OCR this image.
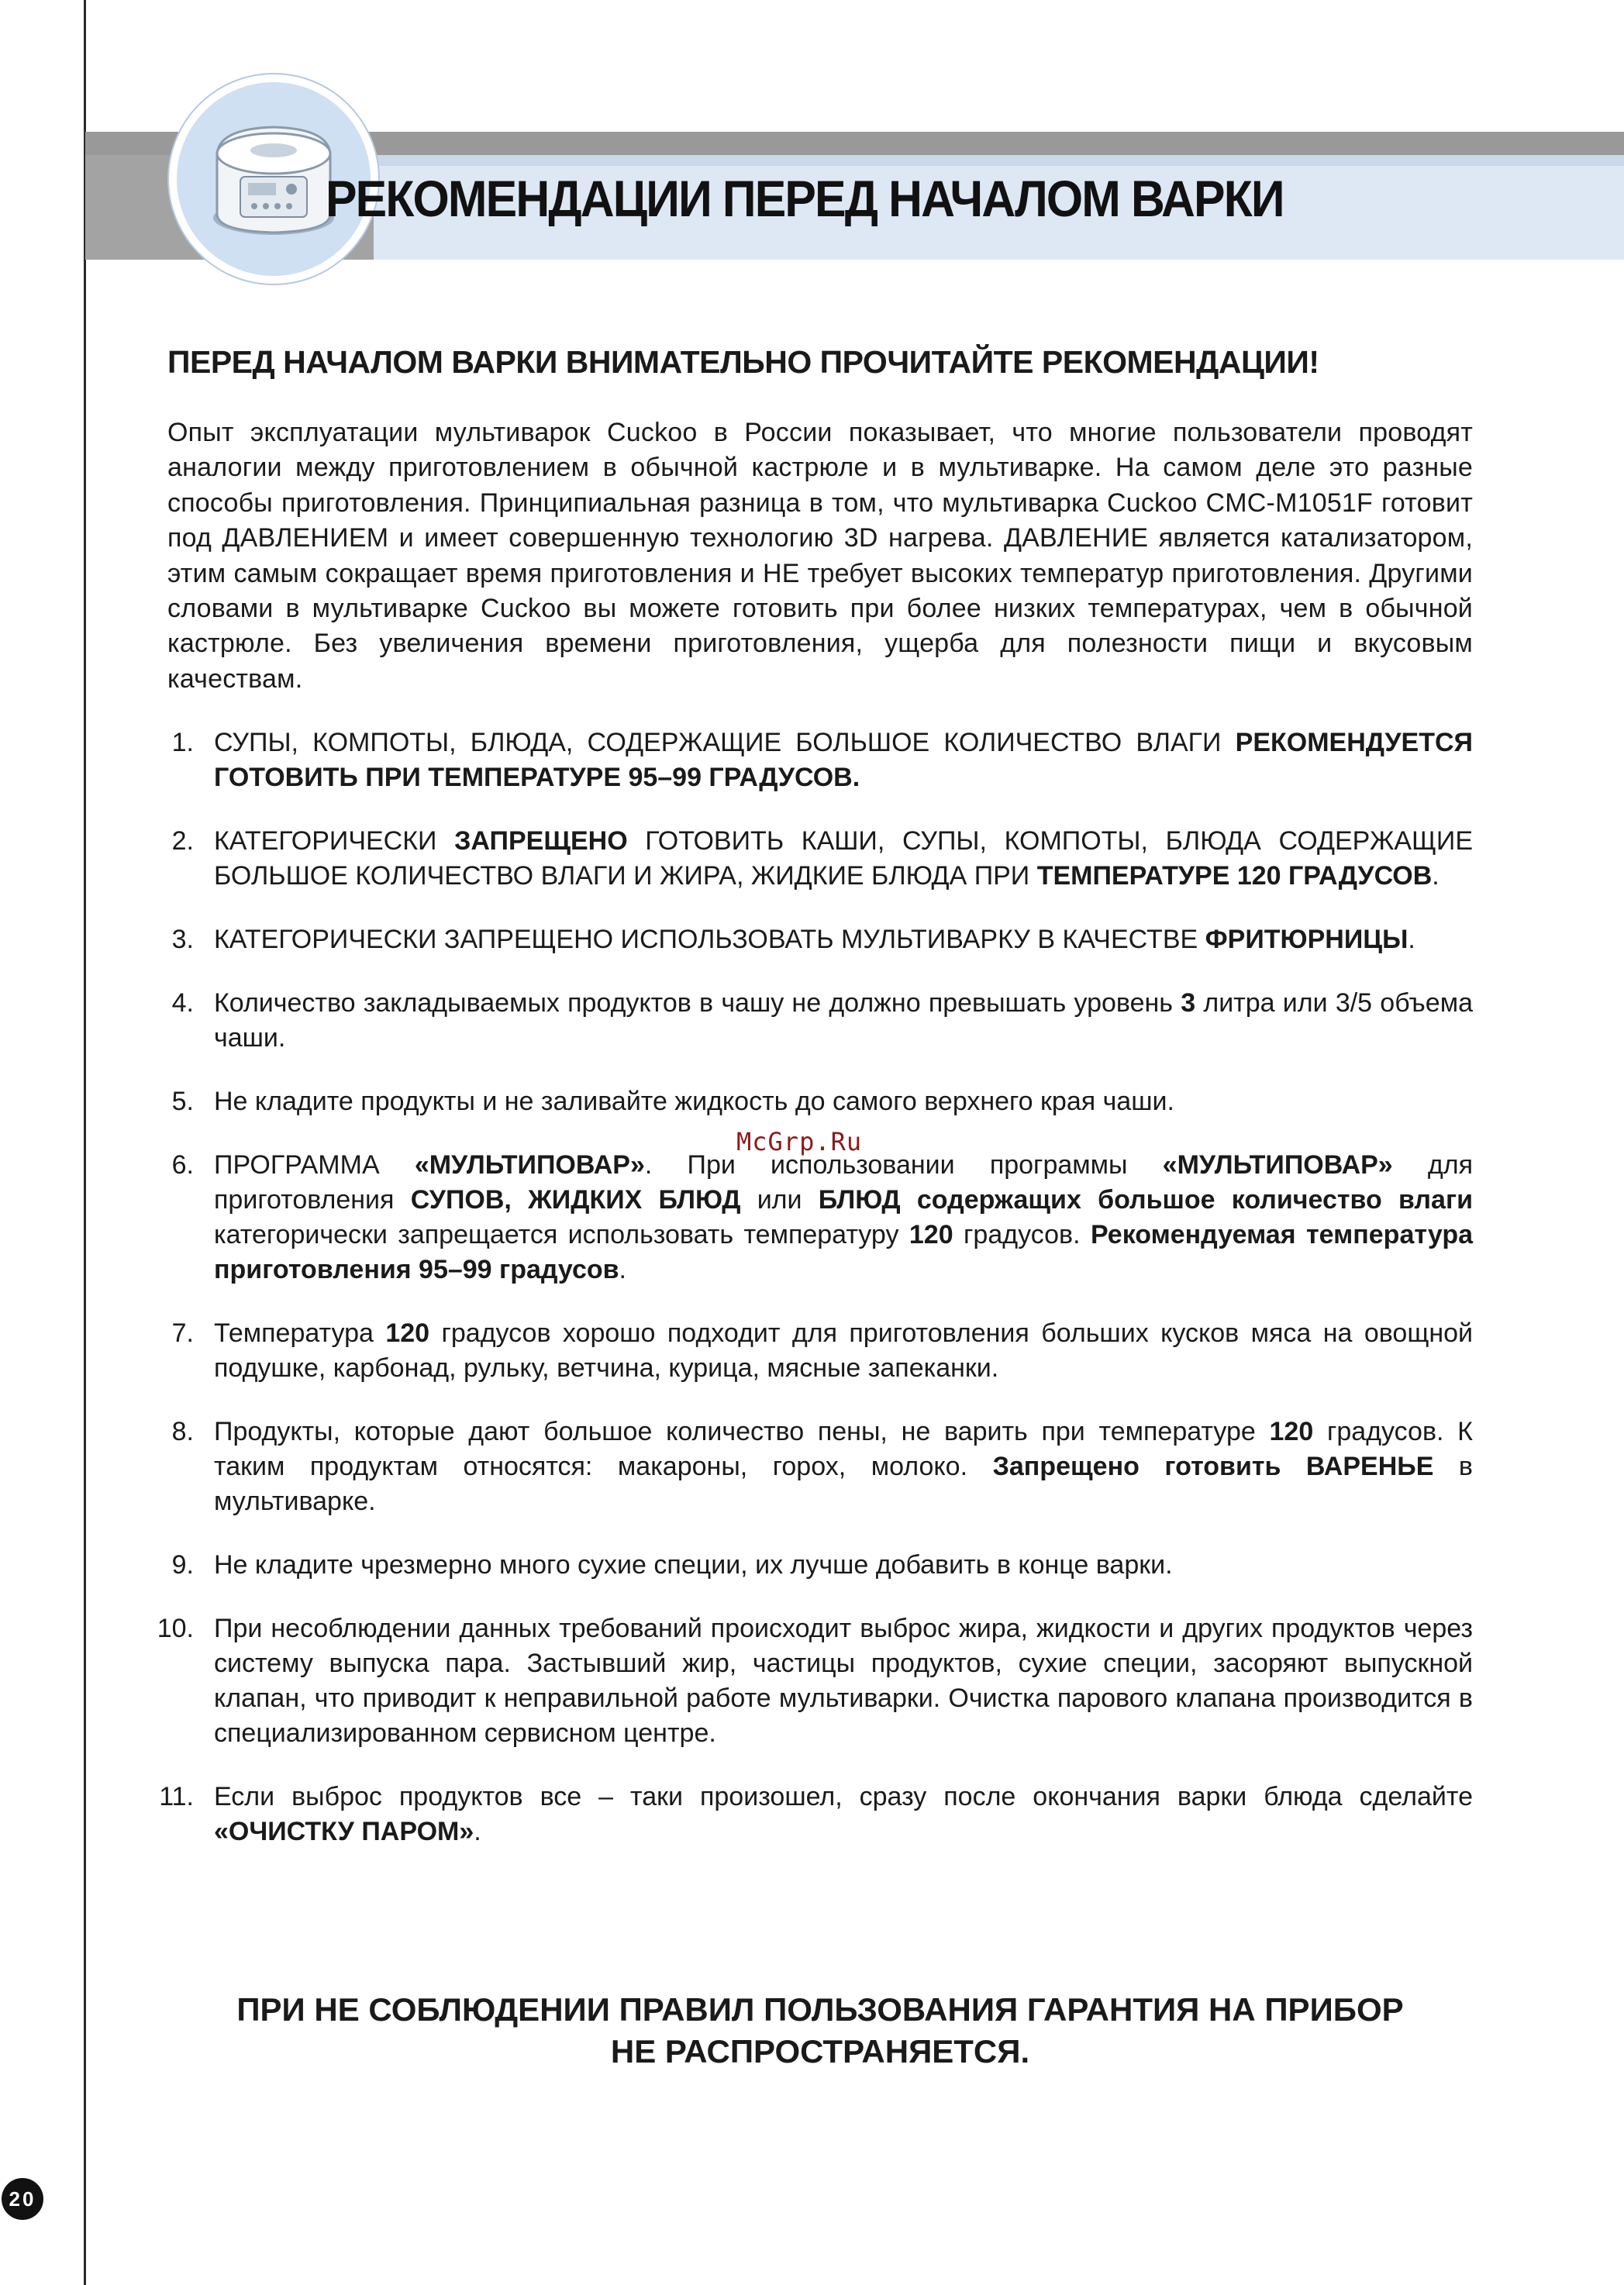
РЕКОМЕНДАЦИИ ПЕРЕД НАЧАЛОМ ВАРКИ
ПЕРЕД НАЧАЛОМ ВАРКИ ВНИМАТЕЛЬНО ПРОЧИТАЙТЕ РЕКОМЕНДАЦИИ!
Опыт эксплуатации мультиварок Cuckoo в России показывает, что многие пользователи проводят аналогии между приготовлением в обычной кастрюле и в мультиварке. На самом деле это разные способы приготовления. Принципиальная разница в том, что мультиварка Cuckoo CMC-M1051F готовит под ДАВЛЕНИЕМ и имеет совершенную технологию 3D нагрева. ДАВЛЕНИЕ является катализатором, этим самым сокращает время приготовления и НЕ требует высоких температур приготовления. Другими словами в мультиварке Cuckoo вы можете готовить при более низких температурах, чем в обычной кастрюле. Без увеличения времени приготовления, ущерба для полезности пищи и вкусовым качествам.
1. СУПЫ, КОМПОТЫ, БЛЮДА, СОДЕРЖАЩИЕ БОЛЬШОЕ КОЛИЧЕСТВО ВЛАГИ РЕКОМЕНДУЕТСЯ ГОТОВИТЬ ПРИ ТЕМПЕРАТУРЕ 95–99 ГРАДУСОВ.
2. КАТЕГОРИЧЕСКИ ЗАПРЕЩЕНО ГОТОВИТЬ КАШИ, СУПЫ, КОМПОТЫ, БЛЮДА СОДЕРЖАЩИЕ БОЛЬШОЕ КОЛИЧЕСТВО ВЛАГИ И ЖИРА, ЖИДКИЕ БЛЮДА ПРИ ТЕМПЕРАТУРЕ 120 ГРАДУСОВ.
3. КАТЕГОРИЧЕСКИ ЗАПРЕЩЕНО ИСПОЛЬЗОВАТЬ МУЛЬТИВАРКУ В КАЧЕСТВЕ ФРИТЮРНИЦЫ.
4. Количество закладываемых продуктов в чашу не должно превышать уровень 3 литра или 3/5 объема чаши.
5. Не кладите продукты и не заливайте жидкость до самого верхнего края чаши.
6. ПРОГРАММА «МУЛЬТИПОВАР». При использовании программы «МУЛЬТИПОВАР» для приготовления СУПОВ, ЖИДКИХ БЛЮД или БЛЮД содержащих большое количество влаги категорически запрещается использовать температуру 120 градусов. Рекомендуемая температура приготовления 95–99 градусов.
7. Температура 120 градусов хорошо подходит для приготовления больших кусков мяса на овощной подушке, карбонад, рульку, ветчина, курица, мясные запеканки.
8. Продукты, которые дают большое количество пены, не варить при температуре 120 градусов. К таким продуктам относятся: макароны, горох, молоко. Запрещено готовить ВАРЕНЬЕ в мультиварке.
9. Не кладите чрезмерно много сухие специи, их лучше добавить в конце варки.
10. При несоблюдении данных требований происходит выброс жира, жидкости и других продуктов через систему выпуска пара. Застывший жир, частицы продуктов, сухие специи, засоряют выпускной клапан, что приводит к неправильной работе мультиварки. Очистка парового клапана производится в специализированном сервисном центре.
11. Если выброс продуктов все – таки произошел, сразу после окончания варки блюда сделайте «ОЧИСТКУ ПАРОМ».
McGrp.Ru
ПРИ НЕ СОБЛЮДЕНИИ ПРАВИЛ ПОЛЬЗОВАНИЯ ГАРАНТИЯ НА ПРИБОР
НЕ РАСПРОСТРАНЯЕТСЯ.
20
